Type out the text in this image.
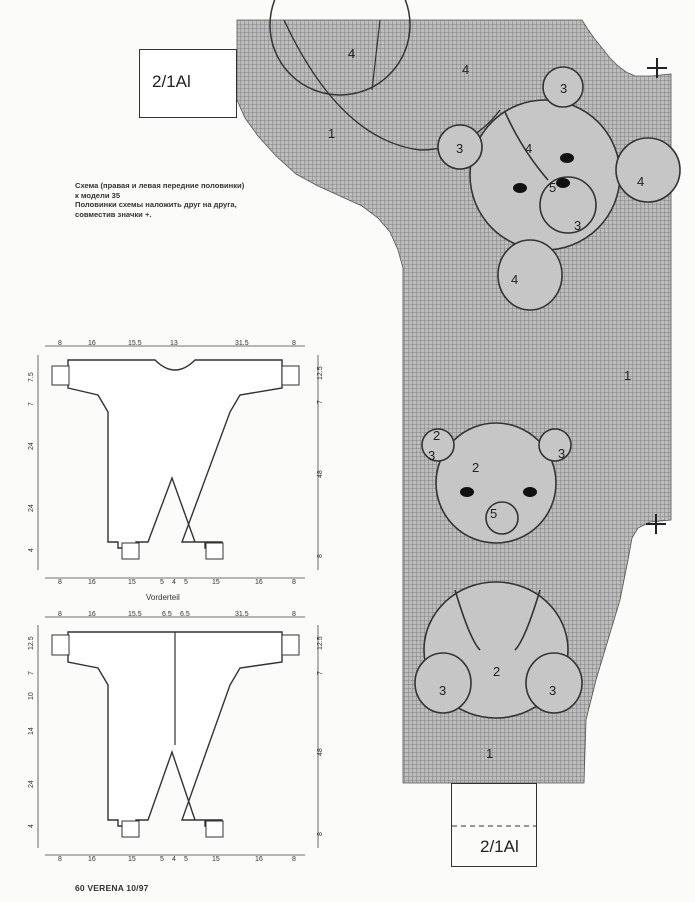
4
4
1
3
3	4
5
3
4
4
1
2
3
2
3
5
2
3	3
1
8	16	15.5	13	31.5	8
7.5
7
24
24
4
12.5
7
48
8
8	16	15	5 4 5	15	16	8
Vorderteil
8	16	15.5	6.5 6.5	31.5	8
12.5
7
10
14
24
4
12.5
7
48
8
8	16	15	5 4 5	15	16	8
2/1Al
2/1Al
Схема (правая и левая передние половинки)
к модели 35
Половинки схемы наложить друг на друга,
совместив значки +.
60 VERENA 10/97
